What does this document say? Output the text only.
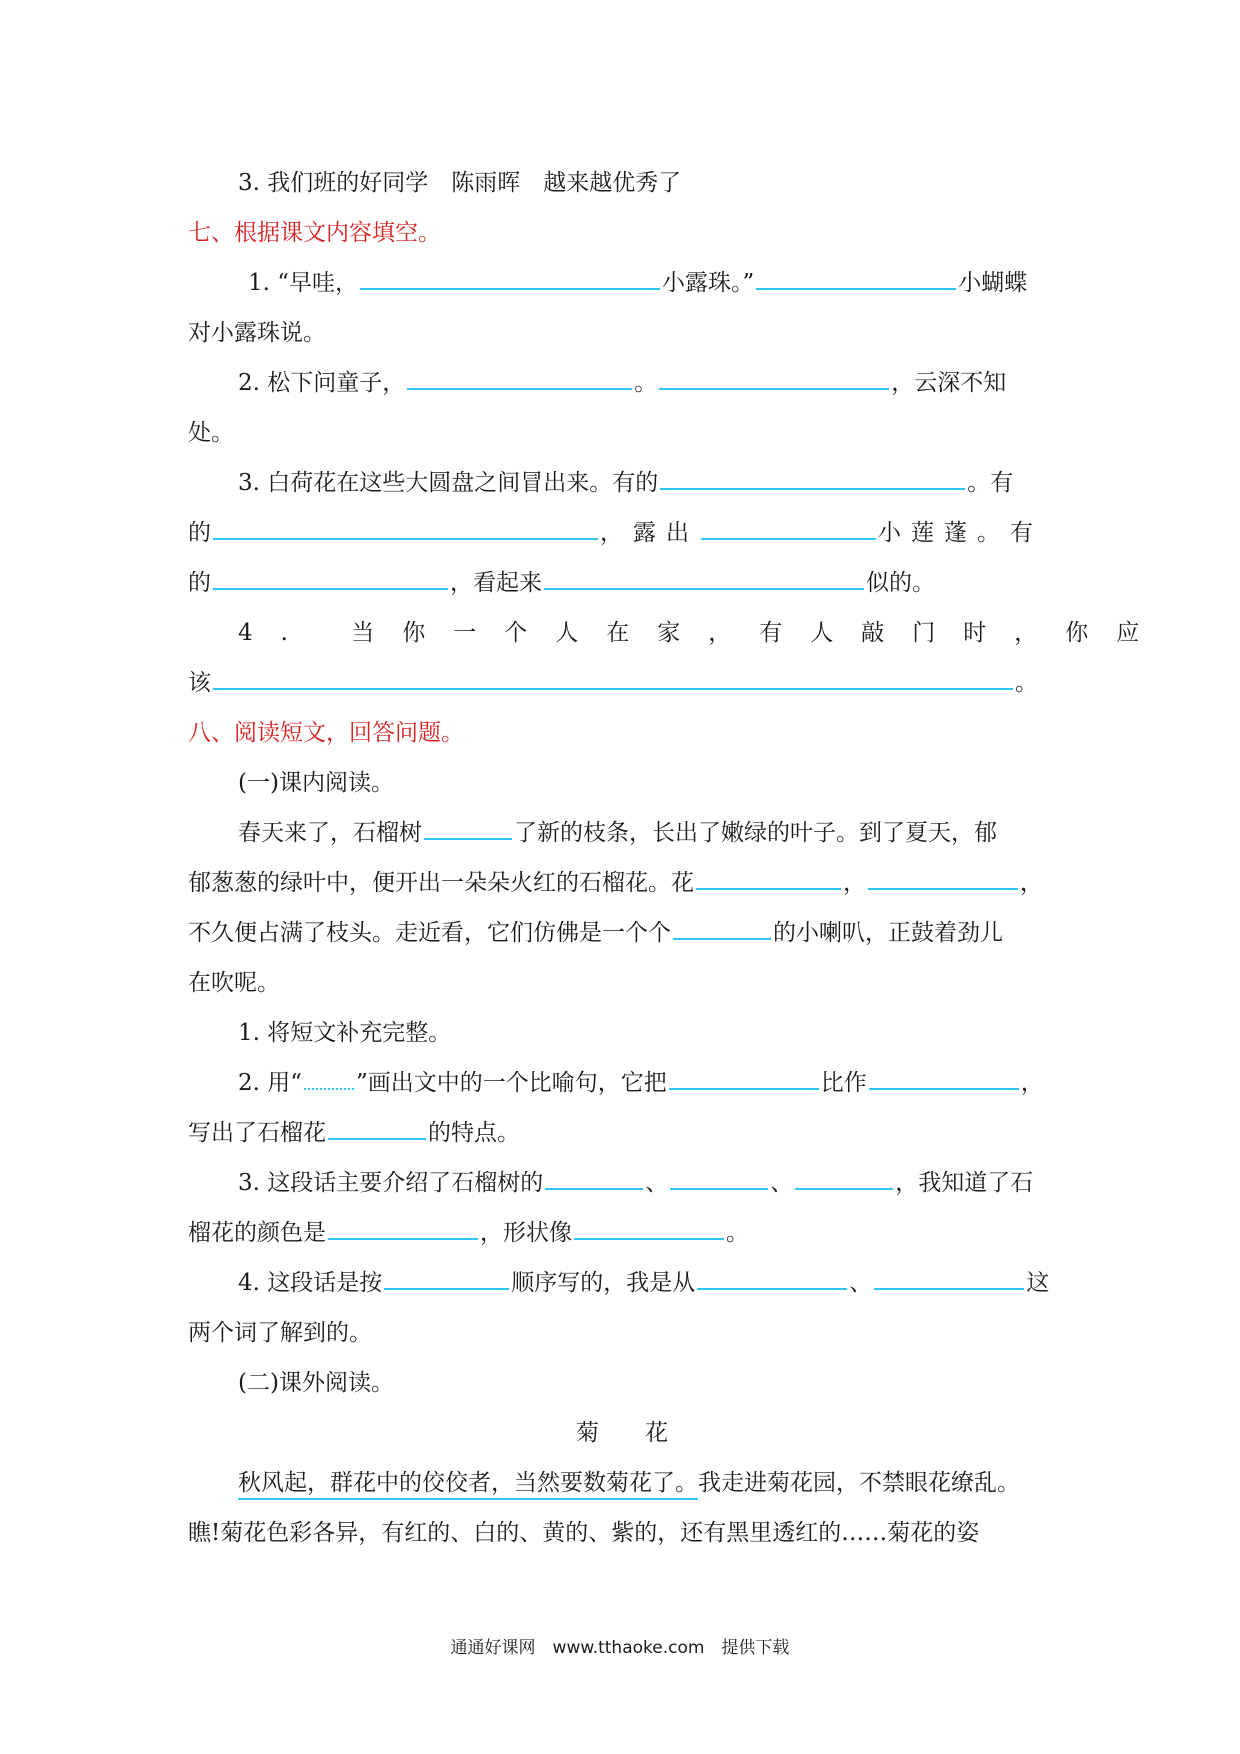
3. 我们班的好同学　陈雨晖　越来越优秀了
七、根据课文内容填空。
1. “早哇，	小露珠。”	小蝴蝶
对小露珠说。
2. 松下问童子，	。	，云深不知
处。
3. 白荷花在这些大圆盘之间冒出来。有的	。有
的	，露出	小莲蓬。有
的	，看起来	似的。
4. 当你一个人在家，有人敲门时，你应
该	。
八、阅读短文，回答问题。
(一)课内阅读。
春天来了，石榴树	了新的枝条，长出了嫩绿的叶子。到了夏天，郁
郁葱葱的绿叶中，便开出一朵朵火红的石榴花。花	，	，
不久便占满了枝头。走近看，它们仿佛是一个个	的小喇叭，正鼓着劲儿
在吹呢。
1. 将短文补充完整。
2. 用“ ”画出文中的一个比喻句，它把	比作	，
写出了石榴花	的特点。
3. 这段话主要介绍了石榴树的	、	、	，我知道了石
榴花的颜色是	，形状像	。
4. 这段话是按	顺序写的，我是从	、	这
两个词了解到的。
(二)课外阅读。
菊　　花
秋风起，群花中的佼佼者，当然要数菊花了。我走进菊花园，不禁眼花缭乱。
瞧!菊花色彩各异，有红的、白的、黄的、紫的，还有黑里透红的……菊花的姿
通通好课网　www.tthaoke.com　提供下载
